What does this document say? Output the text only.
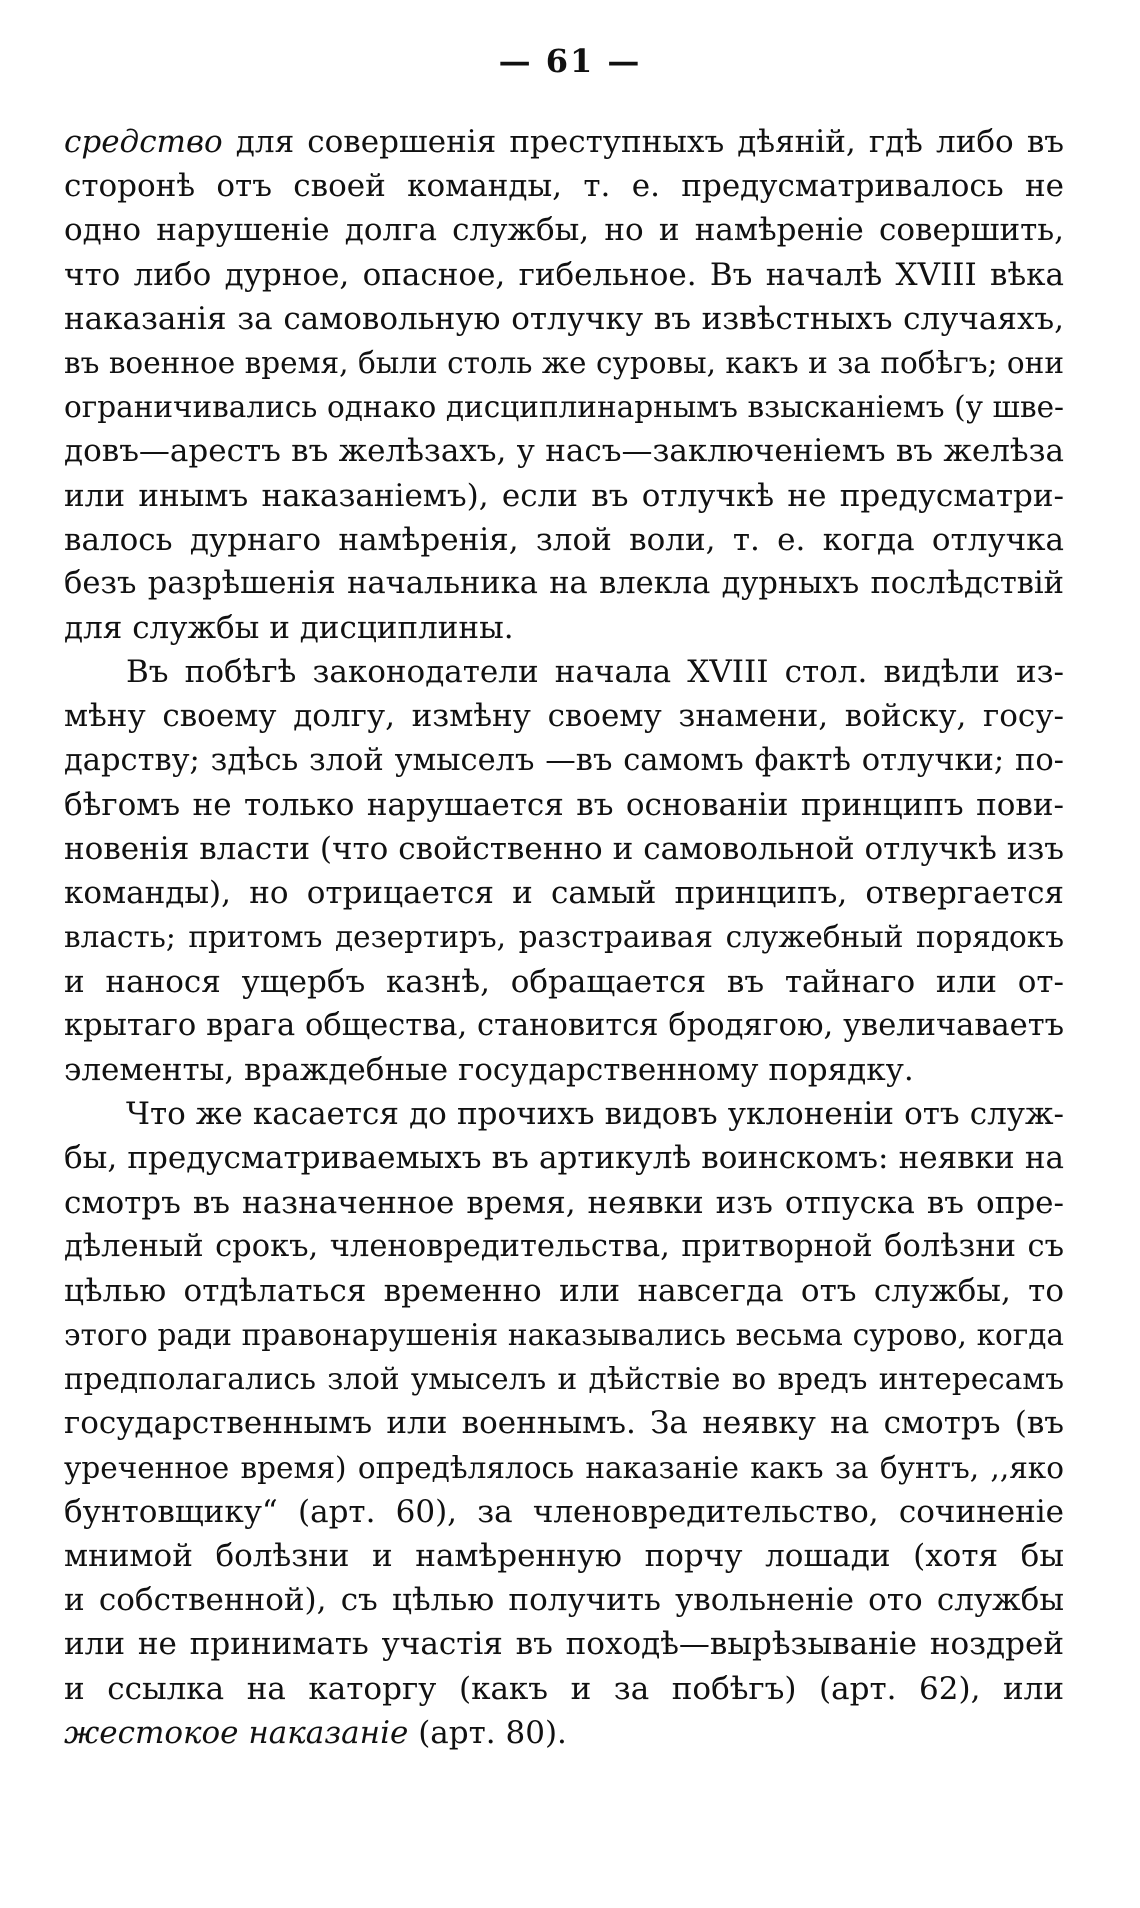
— 61 —
средство для совершенія преступныхъ дѣяній, гдѣ либо въ
сторонѣ отъ своей команды, т. е. предусматривалось не
одно нарушеніе долга службы, но и намѣреніе совершить,
что либо дурное, опасное, гибельное. Въ началѣ XVIII вѣка
наказанія за самовольную отлучку въ извѣстныхъ случаяхъ,
въ военное время, были столь же суровы, какъ и за побѣгъ; они
ограничивались однако дисциплинарнымъ взысканіемъ (у шве-
довъ—арестъ въ желѣзахъ, у насъ—заключеніемъ въ желѣза
или инымъ наказаніемъ), если въ отлучкѣ не предусматри-
валось дурнаго намѣренія, злой воли, т. е. когда отлучка
безъ разрѣшенія начальника на влекла дурныхъ послѣдствій
для службы и дисциплины.
Въ побѣгѣ законодатели начала XVIII стол. видѣли из-
мѣну своему долгу, измѣну своему знамени, войску, госу-
дарству; здѣсь злой умыселъ —въ самомъ фактѣ отлучки; по-
бѣгомъ не только нарушается въ основаніи принципъ пови-
новенія власти (что свойственно и самовольной отлучкѣ изъ
команды), но отрицается и самый принципъ, отвергается
власть; притомъ дезертиръ, разстраивая служебный порядокъ
и нанося ущербъ казнѣ, обращается въ тайнаго или от-
крытаго врага общества, становится бродягою, увеличаваетъ
элементы, враждебные государственному порядку.
Что же касается до прочихъ видовъ уклоненіи отъ служ-
бы, предусматриваемыхъ въ артикулѣ воинскомъ: неявки на
смотръ въ назначенное время, неявки изъ отпуска въ опре-
дѣленый срокъ, членовредительства, притворной болѣзни съ
цѣлью отдѣлаться временно или навсегда отъ службы, то
этого ради правонарушенія наказывались весьма сурово, когда
предполагались злой умыселъ и дѣйствіе во вредъ интересамъ
государственнымъ или военнымъ. За неявку на смотръ (въ
уреченное время) опредѣлялось наказаніе какъ за бунтъ, ,,яко
бунтовщику“ (арт. 60), за членовредительство, сочиненіе
мнимой болѣзни и намѣренную порчу лошади (хотя бы
и собственной), съ цѣлью получить увольненіе ото службы
или не принимать участія въ походѣ—вырѣзываніе ноздрей
и ссылка на каторгу (какъ и за побѣгъ) (арт. 62), или
жестокое наказаніе (арт. 80).
